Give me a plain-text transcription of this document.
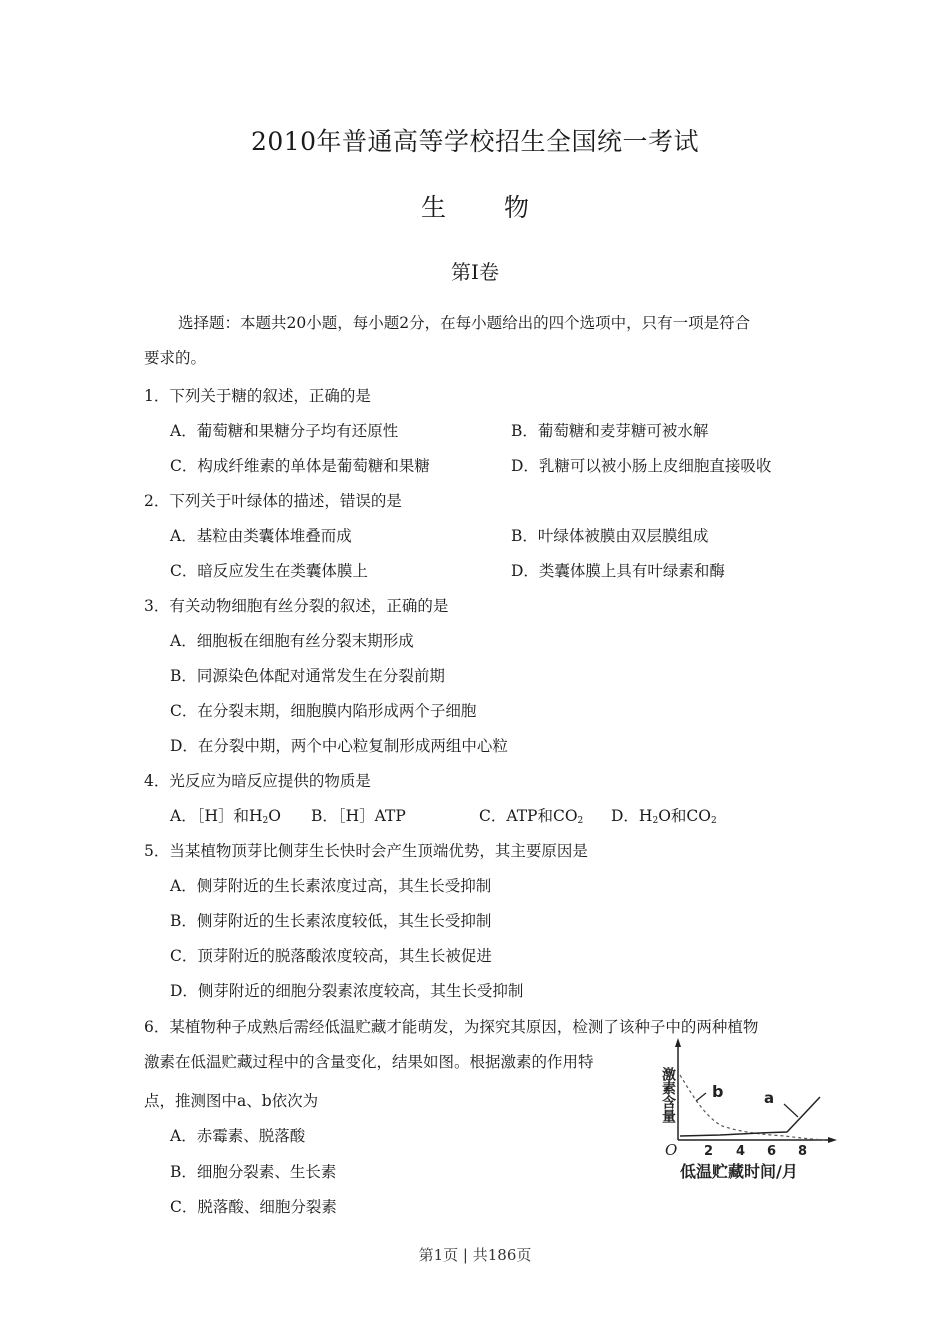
2010年普通高等学校招生全国统一考试
生 物
第Ⅰ卷
选择题：本题共20小题，每小题2分，在每小题给出的四个选项中，只有一项是符合
要求的。
1．下列关于糖的叙述，正确的是
A．葡萄糖和果糖分子均有还原性	B．葡萄糖和麦芽糖可被水解
C．构成纤维素的单体是葡萄糖和果糖	D．乳糖可以被小肠上皮细胞直接吸收
2．下列关于叶绿体的描述，错误的是
A．基粒由类囊体堆叠而成	B．叶绿体被膜由双层膜组成
C．暗反应发生在类囊体膜上	D．类囊体膜上具有叶绿素和酶
3．有关动物细胞有丝分裂的叙述，正确的是
A．细胞板在细胞有丝分裂末期形成
B．同源染色体配对通常发生在分裂前期
C．在分裂末期，细胞膜内陷形成两个子细胞
D．在分裂中期，两个中心粒复制形成两组中心粒
4．光反应为暗反应提供的物质是
A．［H］和$H_2O$ B．［H］ATP	C．ATP和$CO_2$ D．$H_2O$和$CO_2$
5．当某植物顶芽比侧芽生长快时会产生顶端优势，其主要原因是
A．侧芽附近的生长素浓度过高，其生长受抑制
B．侧芽附近的生长素浓度较低，其生长受抑制
C．顶芽附近的脱落酸浓度较高，其生长被促进
D．侧芽附近的细胞分裂素浓度较高，其生长受抑制
6．某植物种子成熟后需经低温贮藏才能萌发，为探究其原因，检测了该种子中的两种植物
激素在低温贮藏过程中的含量变化，结果如图。根据激素的作用特
点，推测图中a、b依次为
A．赤霉素、脱落酸
B．细胞分裂素、生长素
C．脱落酸、细胞分裂素
激素含量 b	a
O 2 4 6 8
低温贮藏时间/月
第1页 | 共186页
